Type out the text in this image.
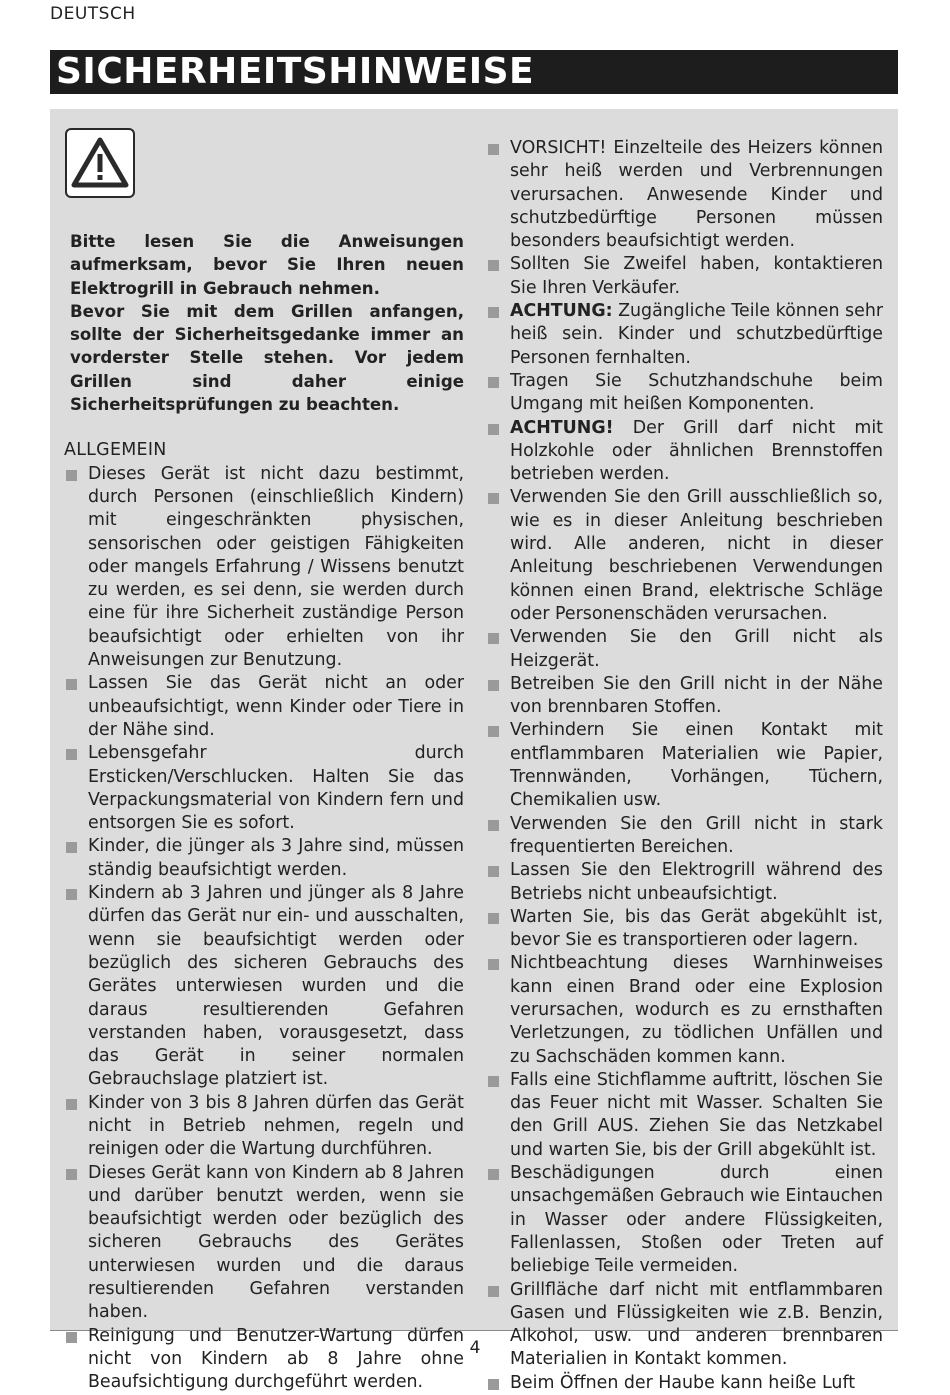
DEUTSCH
SICHERHEITSHINWEISE

Bitte lesen Sie die Anweisungen aufmerksam, bevor Sie Ihren neuen Elektrogrill in Gebrauch nehmen.

Bevor Sie mit dem Grillen anfangen, sollte der Sicherheitsgedanke immer an vorderster Stelle stehen. Vor jedem Grillen sind daher einige Sicherheitsprüfungen zu beachten.

ALLGEMEIN
Dieses Gerät ist nicht dazu bestimmt, durch Personen (einschließlich Kindern) mit eingeschränkten physischen, sensorischen oder geistigen Fähigkeiten oder mangels Erfahrung / Wissens benutzt zu werden, es sei denn, sie werden durch eine für ihre Sicherheit zuständige Person beaufsichtigt oder erhielten von ihr Anweisungen zur Benutzung.
Lassen Sie das Gerät nicht an oder unbeaufsichtigt, wenn Kinder oder Tiere in der Nähe sind.
Lebensgefahr durch Ersticken/Verschlucken. Halten Sie das Verpackungsmaterial von Kindern fern und entsorgen Sie es sofort.
Kinder, die jünger als 3 Jahre sind, müssen ständig beaufsichtigt werden.
Kindern ab 3 Jahren und jünger als 8 Jahre dürfen das Gerät nur ein- und ausschalten, wenn sie beaufsichtigt werden oder bezüglich des sicheren Gebrauchs des Gerätes unterwiesen wurden und die daraus resultierenden Gefahren verstanden haben, vorausgesetzt, dass das Gerät in seiner normalen Gebrauchslage platziert ist.
Kinder von 3 bis 8 Jahren dürfen das Gerät nicht in Betrieb nehmen, regeln und reinigen oder die Wartung durchführen.
Dieses Gerät kann von Kindern ab 8 Jahren und darüber benutzt werden, wenn sie beaufsichtigt werden oder bezüglich des sicheren Gebrauchs des Gerätes unterwiesen wurden und die daraus resultierenden Gefahren verstanden haben.
Reinigung und Benutzer-Wartung dürfen nicht von Kindern ab 8 Jahre ohne Beaufsichtigung durchgeführt werden.
VORSICHT! Einzelteile des Heizers können sehr heiß werden und Verbrennungen verursachen. Anwesende Kinder und schutzbedürftige Personen müssen besonders beaufsichtigt werden.
Sollten Sie Zweifel haben, kontaktieren Sie Ihren Verkäufer.
ACHTUNG: Zugängliche Teile können sehr heiß sein. Kinder und schutzbedürftige Personen fernhalten.
Tragen Sie Schutzhandschuhe beim Umgang mit heißen Komponenten.
ACHTUNG! Der Grill darf nicht mit Holzkohle oder ähnlichen Brennstoffen betrieben werden.
Verwenden Sie den Grill ausschließlich so, wie es in dieser Anleitung beschrieben wird. Alle anderen, nicht in dieser Anleitung beschriebenen Verwendungen können einen Brand, elektrische Schläge oder Personenschäden verursachen.
Verwenden Sie den Grill nicht als Heizgerät.
Betreiben Sie den Grill nicht in der Nähe von brennbaren Stoffen.
Verhindern Sie einen Kontakt mit entflammbaren Materialien wie Papier, Trennwänden, Vorhängen, Tüchern, Chemikalien usw.
Verwenden Sie den Grill nicht in stark frequentierten Bereichen.
Lassen Sie den Elektrogrill während des Betriebs nicht unbeaufsichtigt.
Warten Sie, bis das Gerät abgekühlt ist, bevor Sie es transportieren oder lagern.
Nichtbeachtung dieses Warnhinweises kann einen Brand oder eine Explosion verursachen, wodurch es zu ernsthaften Verletzungen, zu tödlichen Unfällen und zu Sachschäden kommen kann.
Falls eine Stichflamme auftritt, löschen Sie das Feuer nicht mit Wasser. Schalten Sie den Grill AUS. Ziehen Sie das Netzkabel und warten Sie, bis der Grill abgekühlt ist.
Beschädigungen durch einen unsachgemäßen Gebrauch wie Eintauchen in Wasser oder andere Flüssigkeiten, Fallenlassen, Stoßen oder Treten auf beliebige Teile vermeiden.
Grillfläche darf nicht mit entflammbaren Gasen und Flüssigkeiten wie z.B. Benzin, Alkohol, usw. und anderen brennbaren Materialien in Kontakt kommen.
Beim Öffnen der Haube kann heiße Luft
4
